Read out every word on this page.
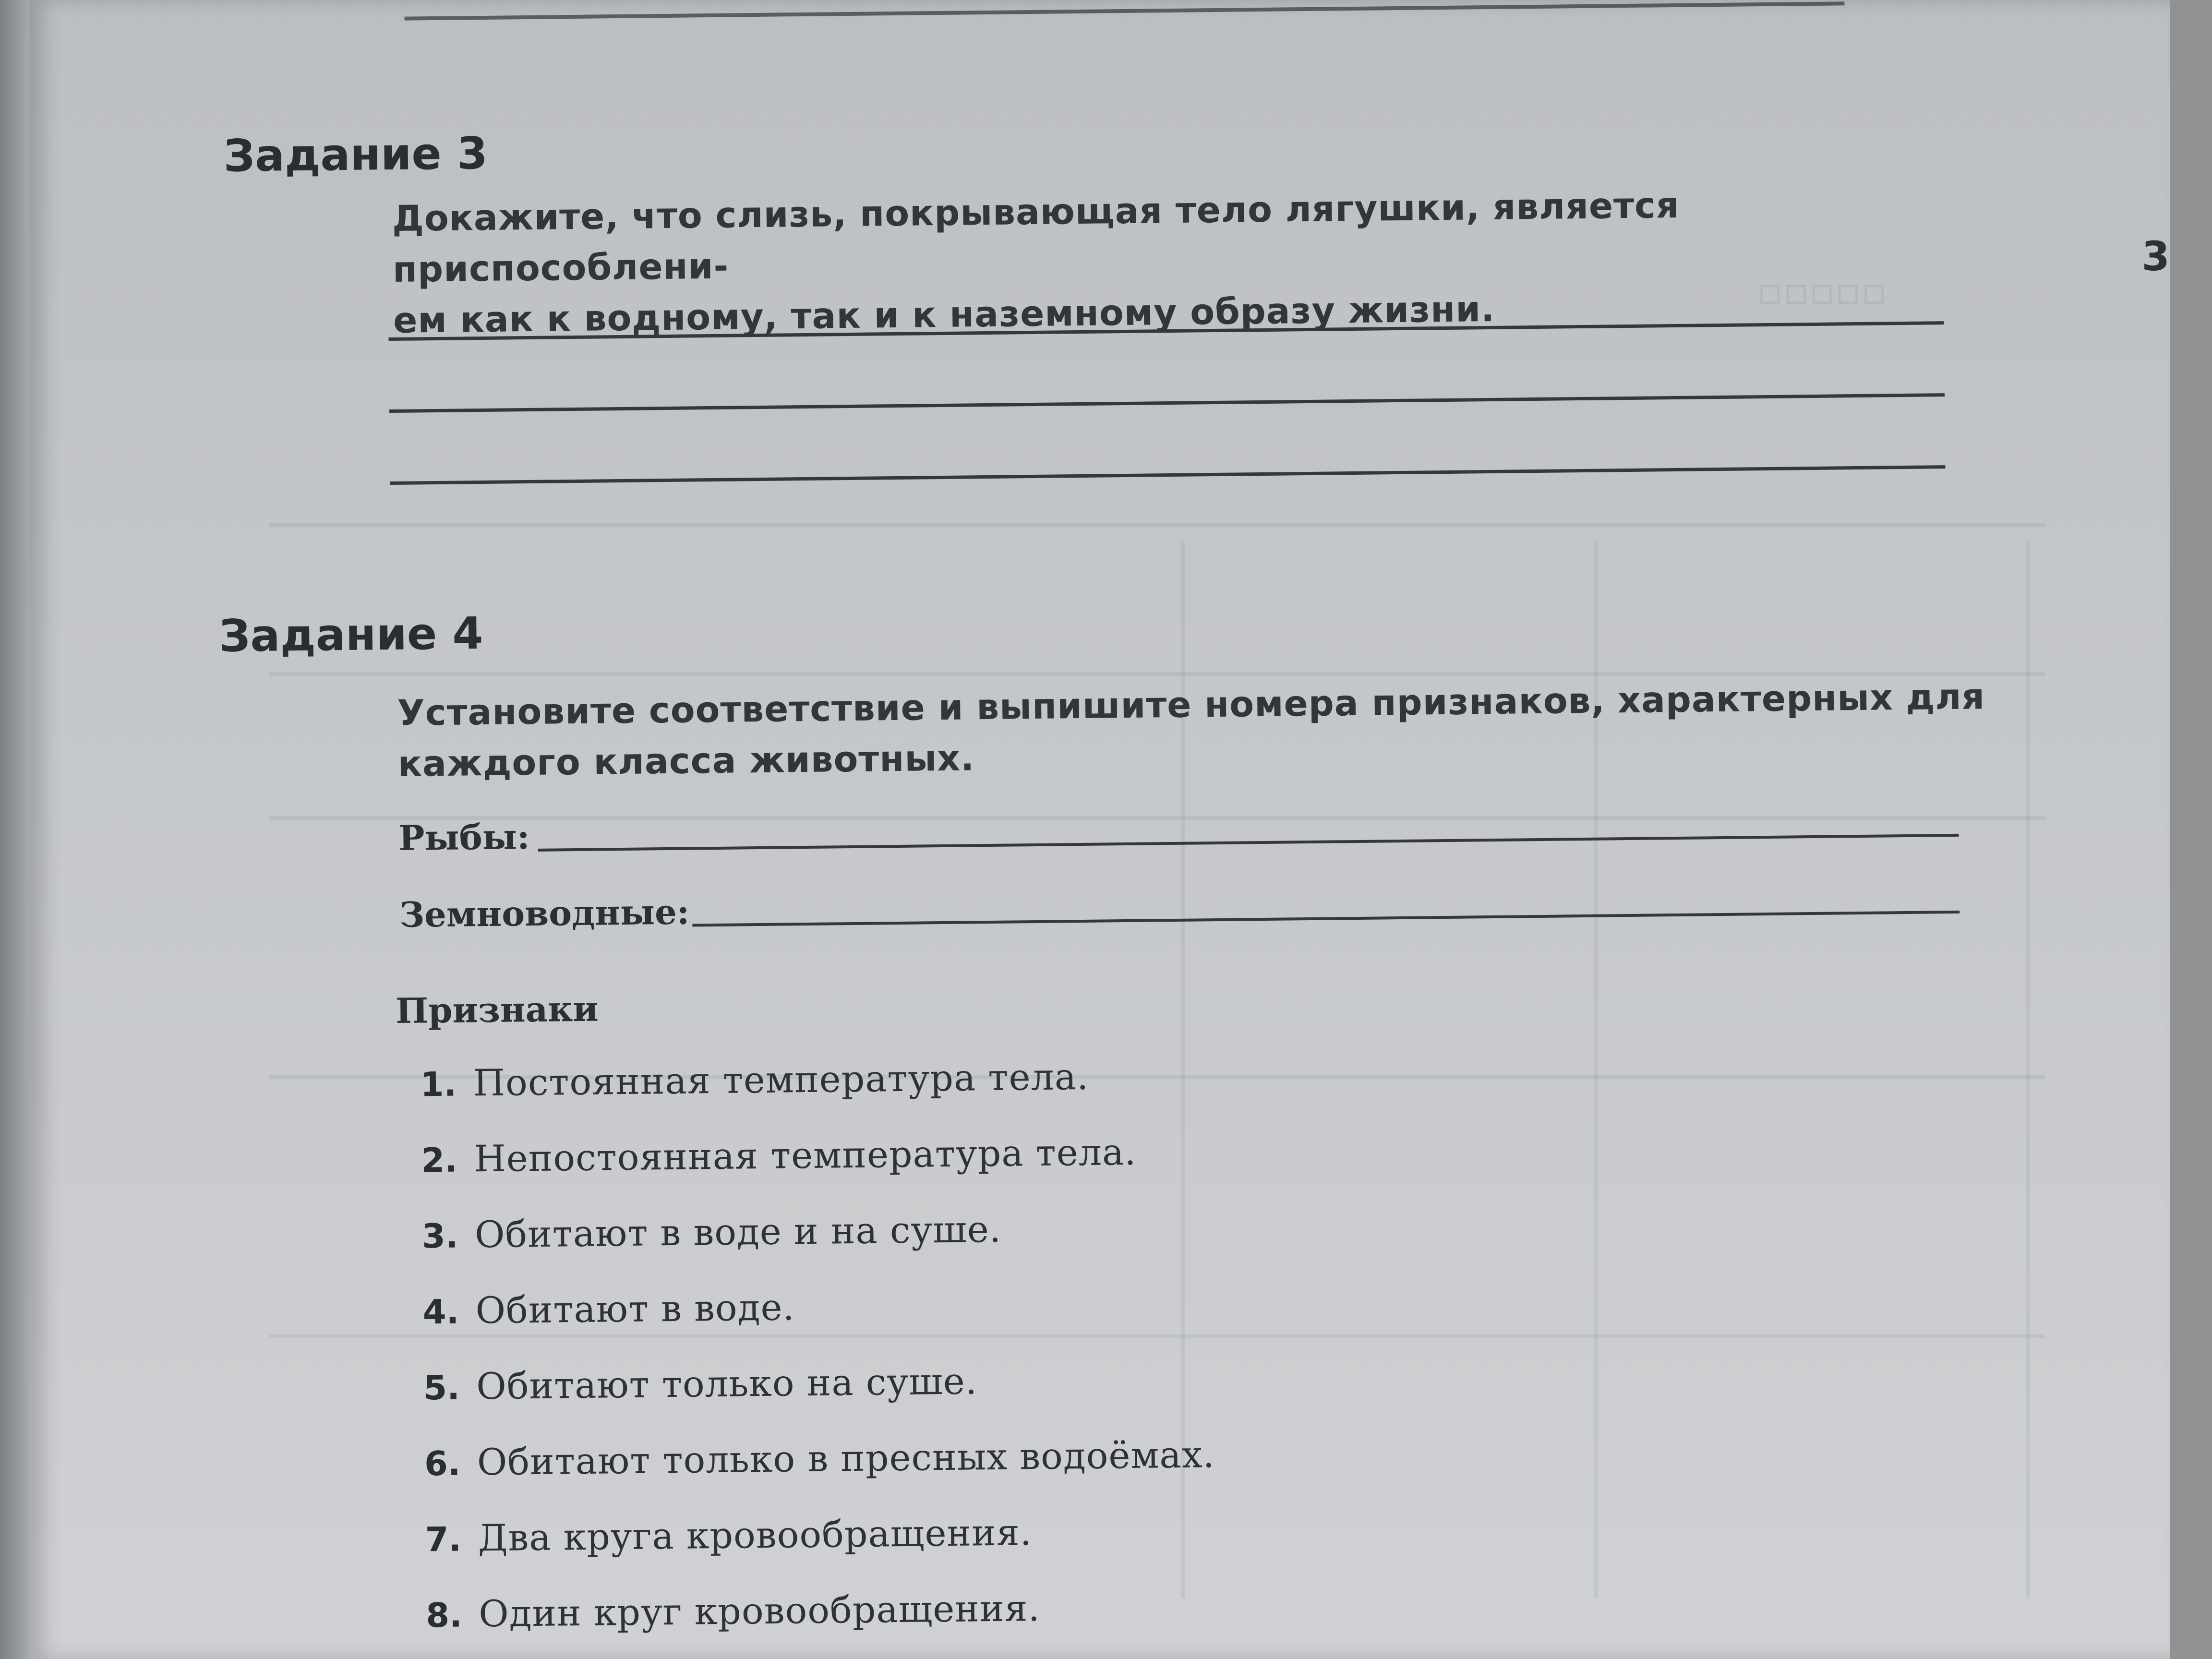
▫▫▫▫▫
3
Задание 3
Докажите, что слизь, покрывающая тело лягушки, является приспособлени-
ем как к водному, так и к наземному образу жизни.
Задание 4
Установите соответствие и выпишите номера признаков, характерных для
каждого класса животных.
Рыбы:
Земноводные:
Признаки
1. Постоянная температура тела.
2. Непостоянная температура тела.
3. Обитают в воде и на суше.
4. Обитают в воде.
5. Обитают только на суше.
6. Обитают только в пресных водоёмах.
7. Два круга кровообращения.
8. Один круг кровообращения.
